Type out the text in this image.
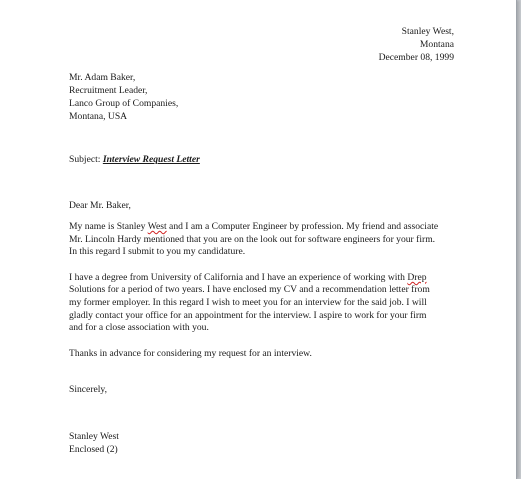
Stanley West,
Montana
December 08, 1999
Mr. Adam Baker,
Recruitment Leader,
Lanco Group of Companies,
Montana, USA
Subject: Interview Request Letter
Dear Mr. Baker,

My name is Stanley West and I am a Computer Engineer by profession. My friend and associate
Mr. Lincoln Hardy mentioned that you are on the look out for software engineers for your firm.
In this regard I submit to you my candidature.

I have a degree from University of California and I have an experience of working with Drep
Solutions for a period of two years. I have enclosed my CV and a recommendation letter from
my former employer. In this regard I wish to meet you for an interview for the said job. I will
gladly contact your office for an appointment for the interview. I aspire to work for your firm
and for a close association with you.

Thanks in advance for considering my request for an interview.

Sincerely,
Stanley West
Enclosed (2)
